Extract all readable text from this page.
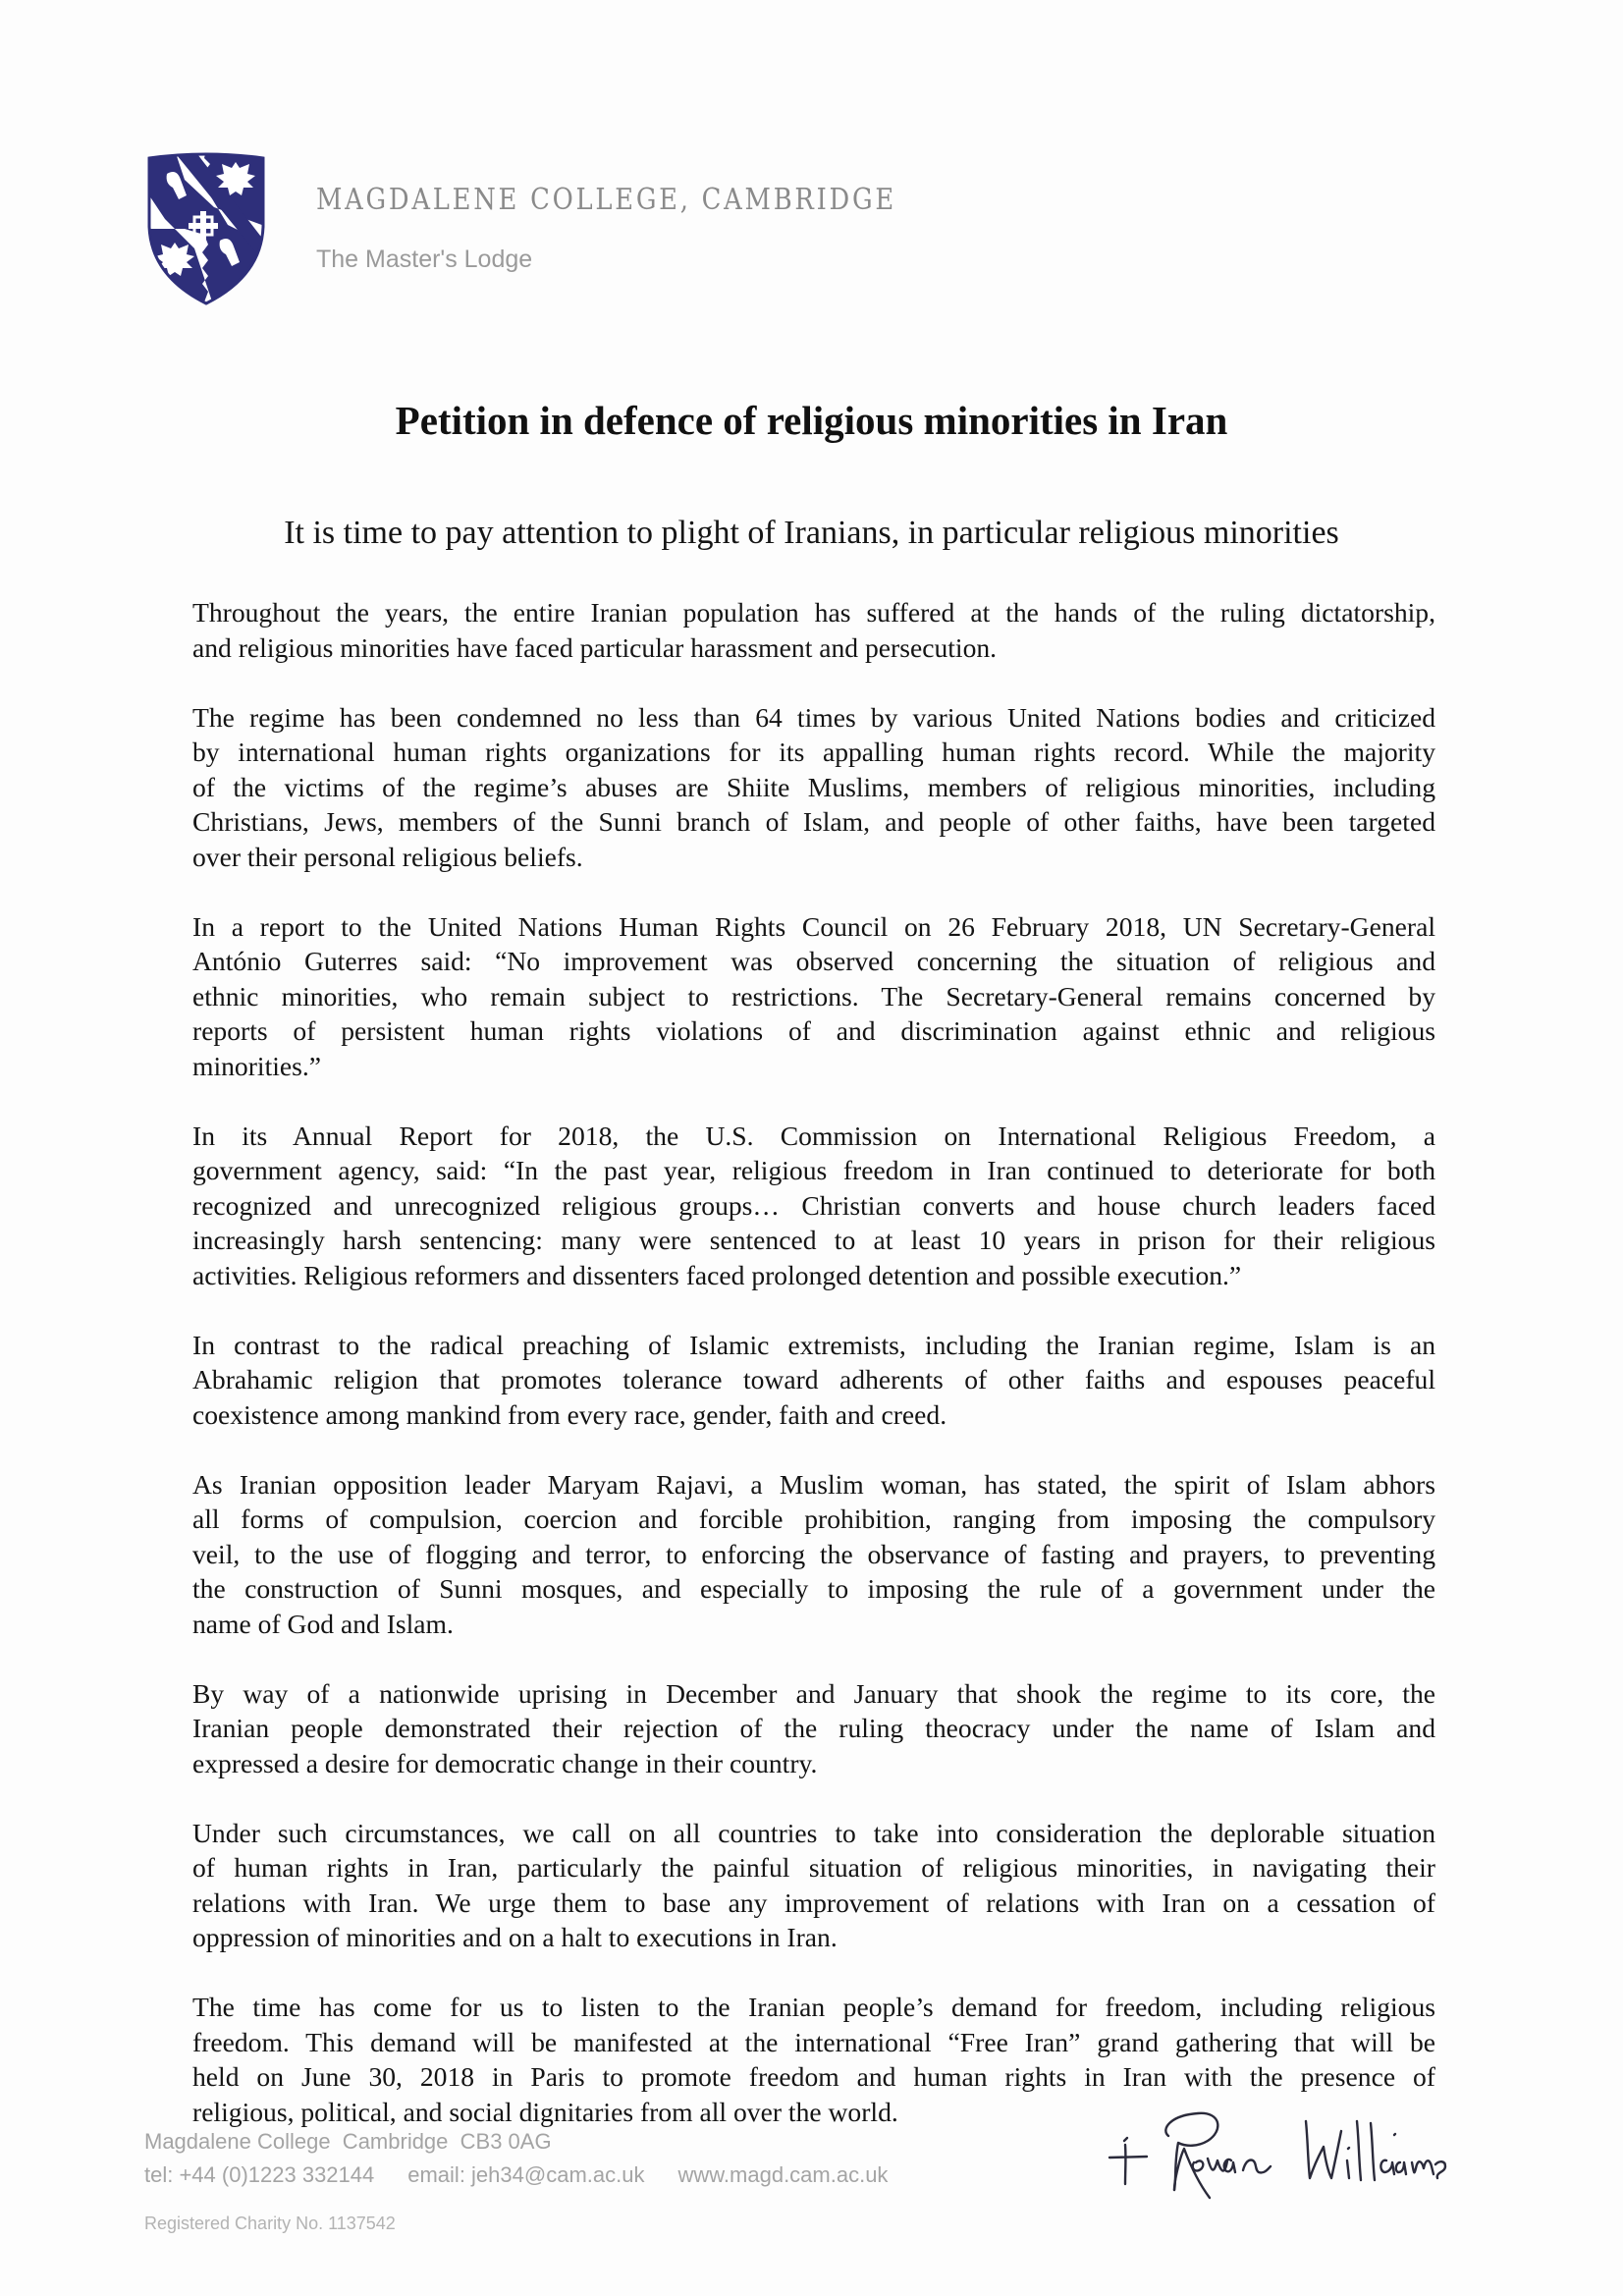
MAGDALENE COLLEGE, CAMBRIDGE
The Master's Lodge
Petition in defence of religious minorities in Iran
It is time to pay attention to plight of Iranians, in particular religious minorities

Throughout the years, the entire Iranian population has suffered at the hands of the ruling dictatorship,
and religious minorities have faced particular harassment and persecution.

The regime has been condemned no less than 64 times by various United Nations bodies and criticized
by international human rights organizations for its appalling human rights record. While the majority
of the victims of the regime’s abuses are Shiite Muslims, members of religious minorities, including
Christians, Jews, members of the Sunni branch of Islam, and people of other faiths, have been targeted
over their personal religious beliefs.

In a report to the United Nations Human Rights Council on 26 February 2018, UN Secretary-General
António Guterres said: “No improvement was observed concerning the situation of religious and
ethnic minorities, who remain subject to restrictions. The Secretary-General remains concerned by
reports of persistent human rights violations of and discrimination against ethnic and religious
minorities.”

In its Annual Report for 2018, the U.S. Commission on International Religious Freedom, a
government agency, said: “In the past year, religious freedom in Iran continued to deteriorate for both
recognized and unrecognized religious groups… Christian converts and house church leaders faced
increasingly harsh sentencing: many were sentenced to at least 10 years in prison for their religious
activities. Religious reformers and dissenters faced prolonged detention and possible execution.”

In contrast to the radical preaching of Islamic extremists, including the Iranian regime, Islam is an
Abrahamic religion that promotes tolerance toward adherents of other faiths and espouses peaceful
coexistence among mankind from every race, gender, faith and creed.

As Iranian opposition leader Maryam Rajavi, a Muslim woman, has stated, the spirit of Islam abhors
all forms of compulsion, coercion and forcible prohibition, ranging from imposing the compulsory
veil, to the use of flogging and terror, to enforcing the observance of fasting and prayers, to preventing
the construction of Sunni mosques, and especially to imposing the rule of a government under the
name of God and Islam.

By way of a nationwide uprising in December and January that shook the regime to its core, the
Iranian people demonstrated their rejection of the ruling theocracy under the name of Islam and
expressed a desire for democratic change in their country.

Under such circumstances, we call on all countries to take into consideration the deplorable situation
of human rights in Iran, particularly the painful situation of religious minorities, in navigating their
relations with Iran. We urge them to base any improvement of relations with Iran on a cessation of
oppression of minorities and on a halt to executions in Iran.

The time has come for us to listen to the Iranian people’s demand for freedom, including religious
freedom. This demand will be manifested at the international “Free Iran” grand gathering that will be
held on June 30, 2018 in Paris to promote freedom and human rights in Iran with the presence of
religious, political, and social dignitaries from all over the world.

Magdalene College  Cambridge  CB3 0AG
tel: +44 (0)1223 332144 email: jeh34@cam.ac.uk www.magd.cam.ac.uk
Registered Charity No. 1137542
